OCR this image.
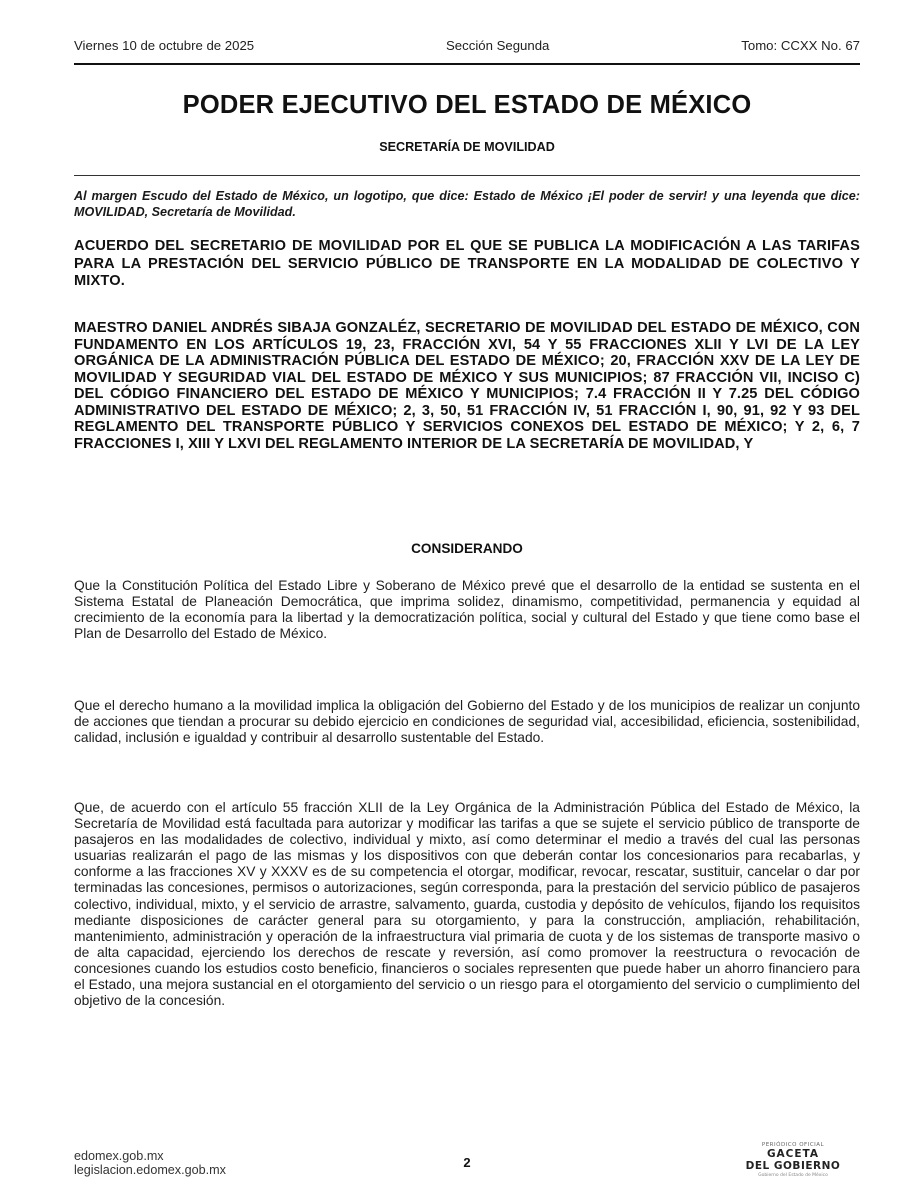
Viernes 10 de octubre de 2025	Sección Segunda	Tomo: CCXX No. 67
PODER EJECUTIVO DEL ESTADO DE MÉXICO
SECRETARÍA DE MOVILIDAD
Al margen Escudo del Estado de México, un logotipo, que dice: Estado de México ¡El poder de servir! y una leyenda que dice: MOVILIDAD, Secretaría de Movilidad.
ACUERDO DEL SECRETARIO DE MOVILIDAD POR EL QUE SE PUBLICA LA MODIFICACIÓN A LAS TARIFAS PARA LA PRESTACIÓN DEL SERVICIO PÚBLICO DE TRANSPORTE EN LA MODALIDAD DE COLECTIVO Y MIXTO.
MAESTRO DANIEL ANDRÉS SIBAJA GONZALÉZ, SECRETARIO DE MOVILIDAD DEL ESTADO DE MÉXICO, CON FUNDAMENTO EN LOS ARTÍCULOS 19, 23, FRACCIÓN XVI, 54 Y 55 FRACCIONES XLII Y LVI DE LA LEY ORGÁNICA DE LA ADMINISTRACIÓN PÚBLICA DEL ESTADO DE MÉXICO; 20, FRACCIÓN XXV DE LA LEY DE MOVILIDAD Y SEGURIDAD VIAL DEL ESTADO DE MÉXICO Y SUS MUNICIPIOS; 87 FRACCIÓN VII, INCISO C) DEL CÓDIGO FINANCIERO DEL ESTADO DE MÉXICO Y MUNICIPIOS; 7.4 FRACCIÓN II Y 7.25 DEL CÓDIGO ADMINISTRATIVO DEL ESTADO DE MÉXICO; 2, 3, 50, 51 FRACCIÓN IV, 51 FRACCIÓN I, 90, 91, 92 Y 93 DEL REGLAMENTO DEL TRANSPORTE PÚBLICO Y SERVICIOS CONEXOS DEL ESTADO DE MÉXICO; Y 2, 6, 7 FRACCIONES I, XIII Y LXVI DEL REGLAMENTO INTERIOR DE LA SECRETARÍA DE MOVILIDAD, Y
CONSIDERANDO
Que la Constitución Política del Estado Libre y Soberano de México prevé que el desarrollo de la entidad se sustenta en el Sistema Estatal de Planeación Democrática, que imprima solidez, dinamismo, competitividad, permanencia y equidad al crecimiento de la economía para la libertad y la democratización política, social y cultural del Estado y que tiene como base el Plan de Desarrollo del Estado de México.
Que el derecho humano a la movilidad implica la obligación del Gobierno del Estado y de los municipios de realizar un conjunto de acciones que tiendan a procurar su debido ejercicio en condiciones de seguridad vial, accesibilidad, eficiencia, sostenibilidad, calidad, inclusión e igualdad y contribuir al desarrollo sustentable del Estado.
Que, de acuerdo con el artículo 55 fracción XLII de la Ley Orgánica de la Administración Pública del Estado de México, la Secretaría de Movilidad está facultada para autorizar y modificar las tarifas a que se sujete el servicio público de transporte de pasajeros en las modalidades de colectivo, individual y mixto, así como determinar el medio a través del cual las personas usuarias realizarán el pago de las mismas y los dispositivos con que deberán contar los concesionarios para recabarlas, y conforme a las fracciones XV y XXXV es de su competencia el otorgar, modificar, revocar, rescatar, sustituir, cancelar o dar por terminadas las concesiones, permisos o autorizaciones, según corresponda, para la prestación del servicio público de pasajeros colectivo, individual, mixto, y el servicio de arrastre, salvamento, guarda, custodia y depósito de vehículos, fijando los requisitos mediante disposiciones de carácter general para su otorgamiento, y para la construcción, ampliación, rehabilitación, mantenimiento, administración y operación de la infraestructura vial primaria de cuota y de los sistemas de transporte masivo o de alta capacidad, ejerciendo los derechos de rescate y reversión, así como promover la reestructura o revocación de concesiones cuando los estudios costo beneficio, financieros o sociales representen que puede haber un ahorro financiero para el Estado, una mejora sustancial en el otorgamiento del servicio o un riesgo para el otorgamiento del servicio o cumplimiento del objetivo de la concesión.
edomex.gob.mx
legislacion.edomex.gob.mx	2
PERIÓDICO OFICIAL
GACETA
DEL GOBIERNO
Gobierno del Estado de México
